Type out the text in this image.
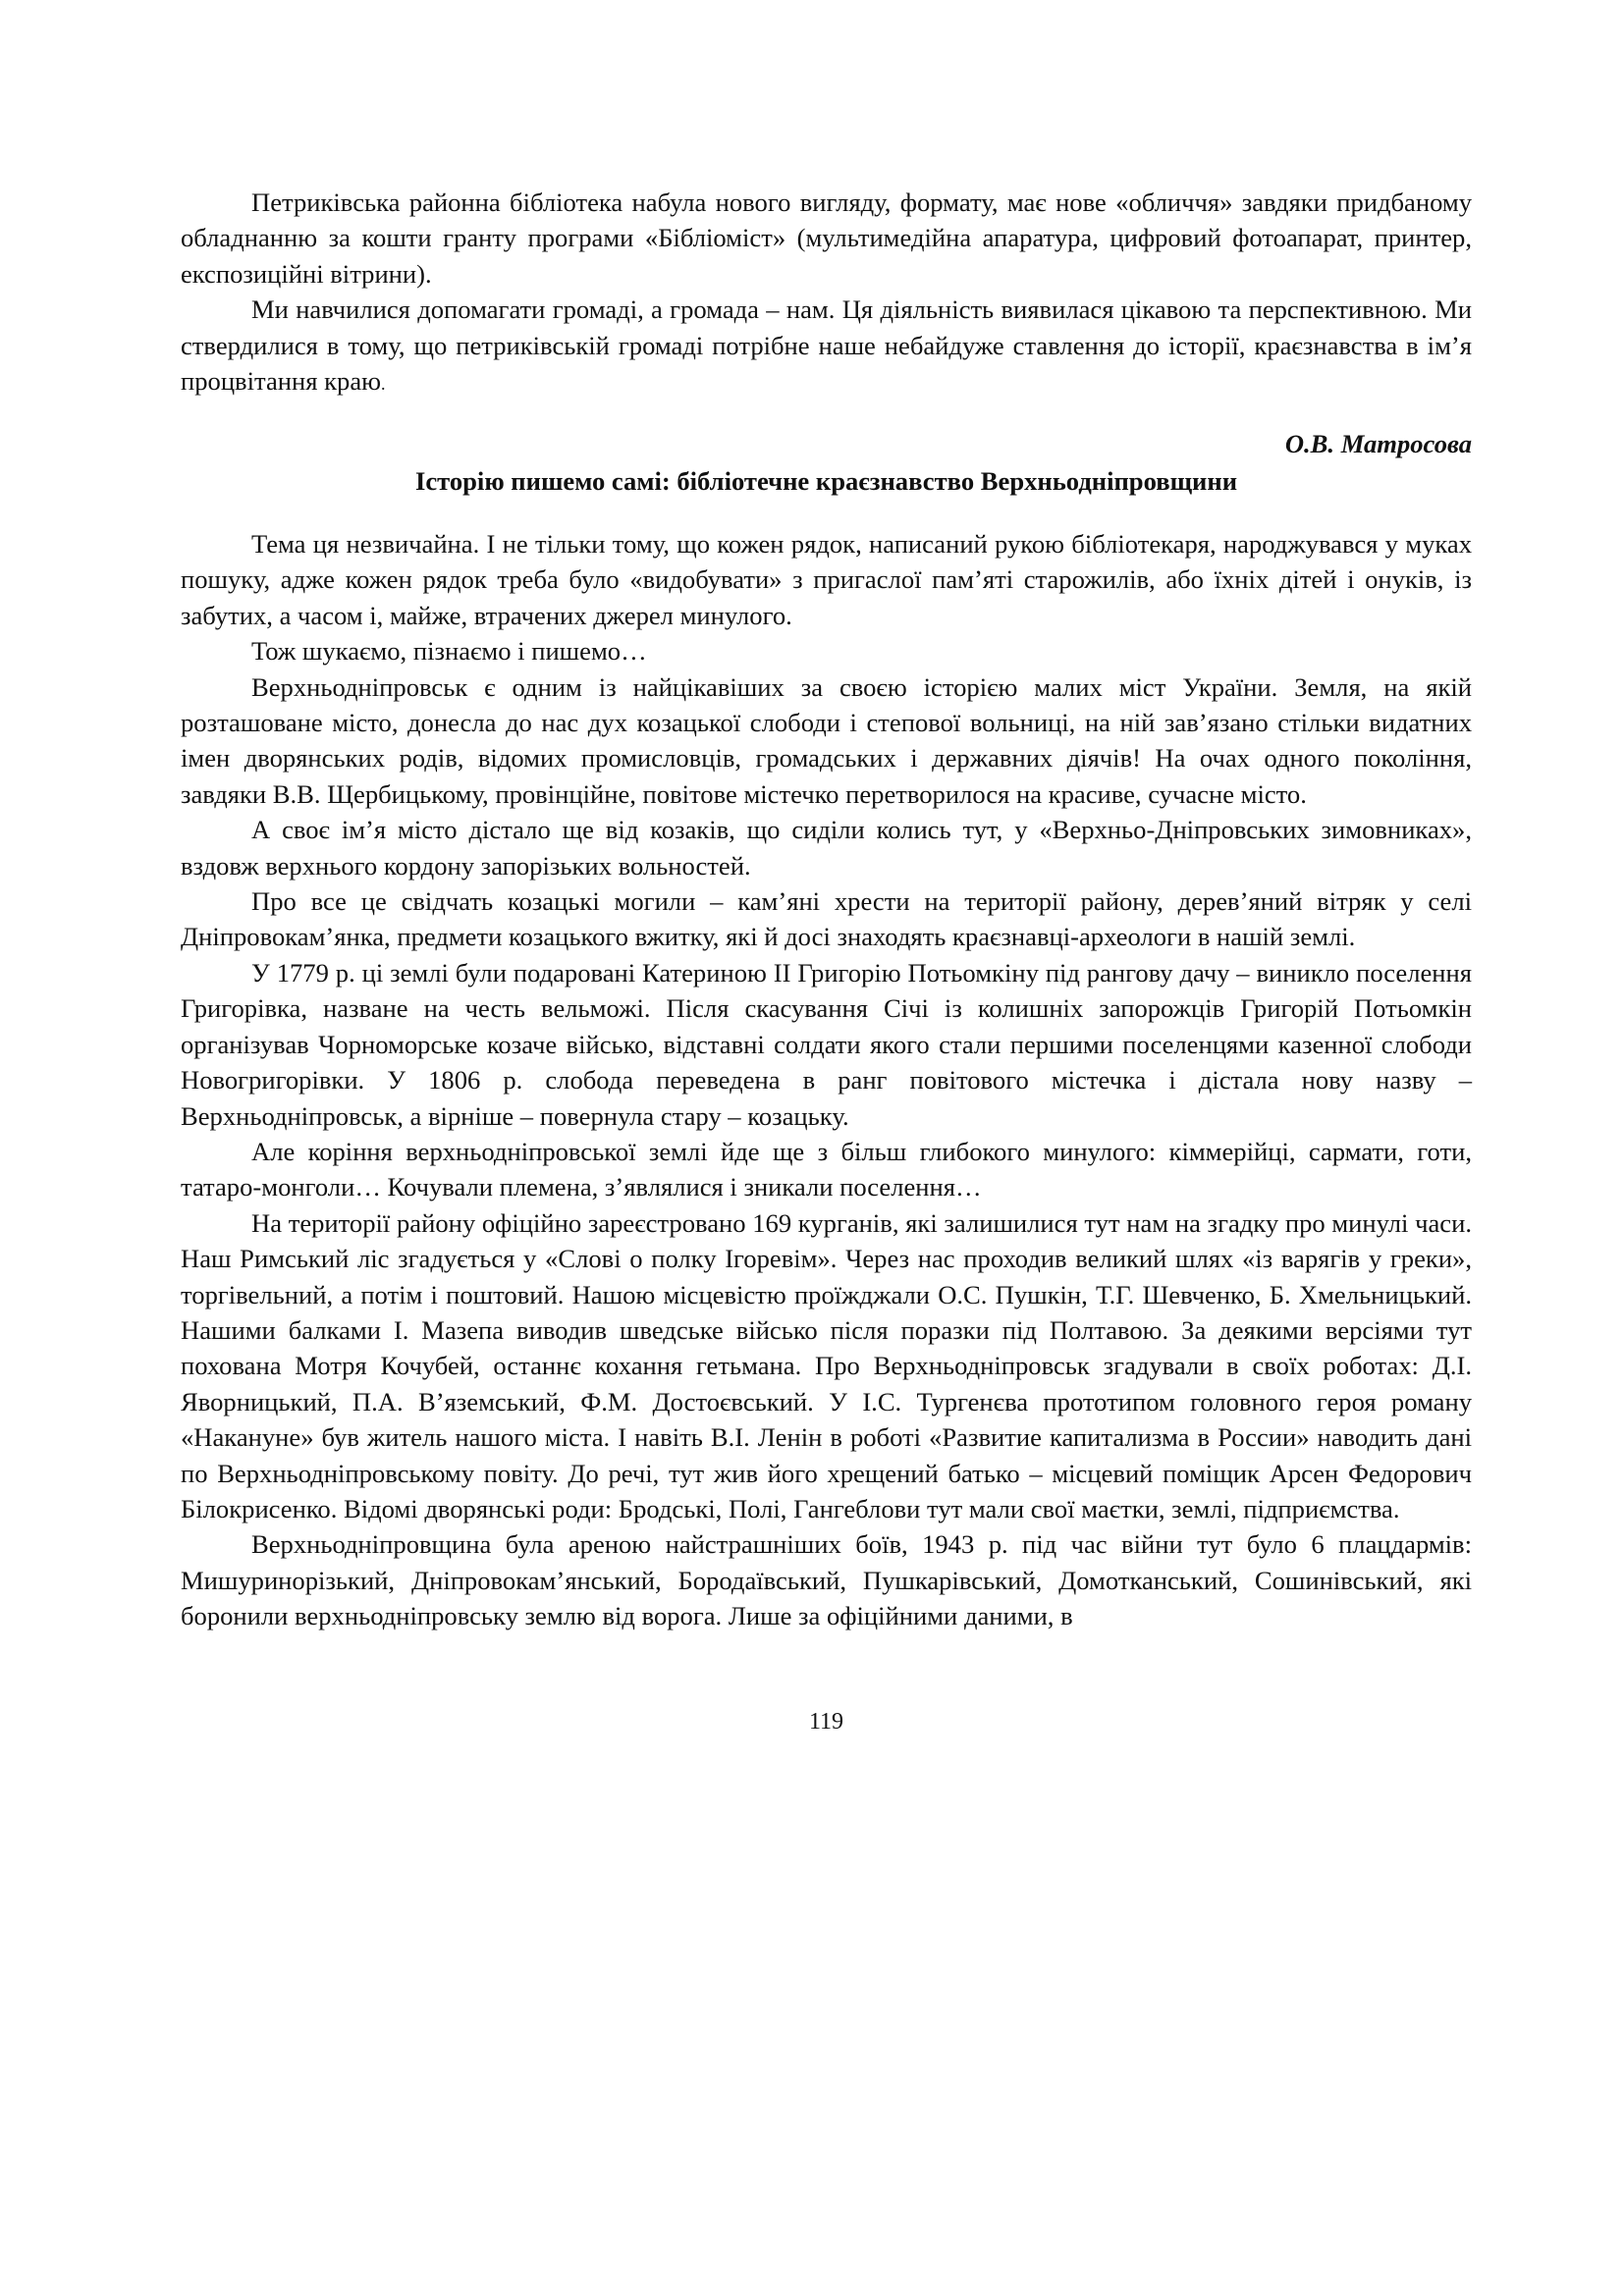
Петриківська районна бібліотека набула нового вигляду, формату, має нове «обличчя» завдяки придбаному обладнанню за кошти гранту програми «Бібліоміст» (мультимедійна апаратура, цифровий фотоапарат, принтер, експозиційні вітрини).

Ми навчилися допомагати громаді, а громада – нам. Ця діяльність виявилася цікавою та перспективною. Ми ствердилися в тому, що петриківській громаді потрібне наше небайдуже ставлення до історії, краєзнавства в ім’я процвітання краю.

О.В. Матросова
Історію пишемо самі: бібліотечне краєзнавство Верхньодніпровщини

Тема ця незвичайна. І не тільки тому, що кожен рядок, написаний рукою бібліотекаря, народжувався у муках пошуку, адже кожен рядок треба було «видобувати» з пригаслої пам’яті старожилів, або їхніх дітей і онуків, із забутих, а часом і, майже, втрачених джерел минулого.

Тож шукаємо, пізнаємо і пишемо…

Верхньодніпровськ є одним із найцікавіших за своєю історією малих міст України. Земля, на якій розташоване місто, донесла до нас дух козацької слободи і степової вольниці, на ній зав’язано стільки видатних імен дворянських родів, відомих промисловців, громадських і державних діячів! На очах одного покоління, завдяки В.В. Щербицькому, провінційне, повітове містечко перетворилося на красиве, сучасне місто.

А своє ім’я місто дістало ще від козаків, що сиділи колись тут, у «Верхньо-Дніпровських зимовниках», вздовж верхнього кордону запорізьких вольностей.

Про все це свідчать козацькі могили – кам’яні хрести на території району, дерев’яний вітряк у селі Дніпровокам’янка, предмети козацького вжитку, які й досі знаходять краєзнавці-археологи в нашій землі.

У 1779 р. ці землі були подаровані Катериною ІІ Григорію Потьомкіну під рангову дачу – виникло поселення Григорівка, назване на честь вельможі. Після скасування Січі із колишніх запорожців Григорій Потьомкін організував Чорноморське козаче військо, відставні солдати якого стали першими поселенцями казенної слободи Новогригорівки. У 1806 р. слобода переведена в ранг повітового містечка і дістала нову назву – Верхньодніпровськ, а вірніше – повернула стару – козацьку.

Але коріння верхньодніпровської землі йде ще з більш глибокого минулого: кіммерійці, сармати, готи, татаро-монголи… Кочували племена, з’являлися і зникали поселення…

На території району офіційно зареєстровано 169 курганів, які залишилися тут нам на згадку про минулі часи. Наш Римський ліс згадується у «Слові о полку Ігоревім». Через нас проходив великий шлях «із варягів у греки», торгівельний, а потім і поштовий. Нашою місцевістю проїжджали О.С. Пушкін, Т.Г. Шевченко, Б. Хмельницький. Нашими балками І. Мазепа виводив шведське військо після поразки під Полтавою. За деякими версіями тут похована Мотря Кочубей, останнє кохання гетьмана. Про Верхньодніпровськ згадували в своїх роботах: Д.І. Яворницький, П.А. В’яземський, Ф.М. Достоєвський. У І.С. Тургенєва прототипом головного героя роману «Накануне» був житель нашого міста. І навіть В.І. Ленін в роботі «Развитие капитализма в России» наводить дані по Верхньодніпровському повіту. До речі, тут жив його хрещений батько – місцевий поміщик Арсен Федорович Білокрисенко. Відомі дворянські роди: Бродські, Полі, Гангеблови тут мали свої маєтки, землі, підприємства.

Верхньодніпровщина була ареною найстрашніших боїв, 1943 р. під час війни тут було 6 плацдармів: Мишуринорізький, Дніпровокам’янський, Бородаївський, Пушкарівський, Домотканський, Сошинівський, які боронили верхньодніпровську землю від ворога. Лише за офіційними даними, в

119
